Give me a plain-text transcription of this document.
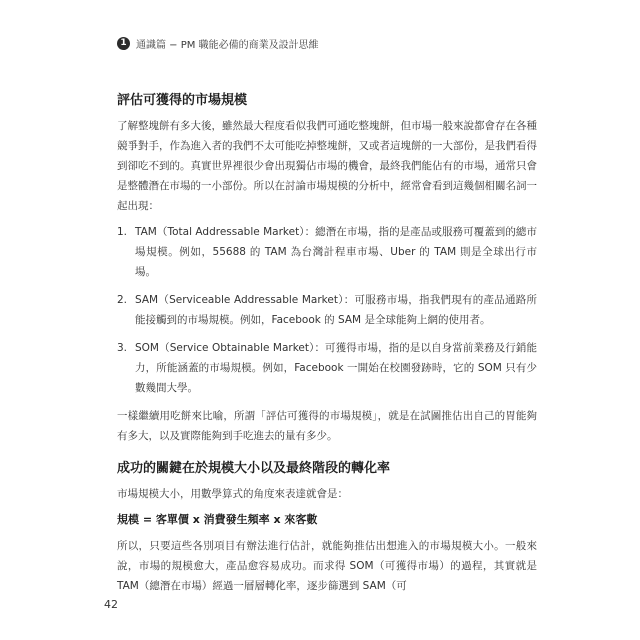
1 通識篇 − PM 職能必備的商業及設計思維
評估可獲得的市場規模

了解整塊餅有多大後，雖然最大程度看似我們可通吃整塊餅，但市場一般來說都會存在各種競爭對手，作為進入者的我們不太可能吃掉整塊餅，又或者這塊餅的一大部份，是我們看得到卻吃不到的。真實世界裡很少會出現獨佔市場的機會，最終我們能佔有的市場，通常只會是整體潛在市場的一小部份。所以在討論市場規模的分析中，經常會看到這幾個相關名詞一起出現：

1. TAM（Total Addressable Market）：總潛在市場，指的是產品或服務可覆蓋到的總市場規模。例如，55688 的 TAM 為台灣計程車市場、Uber 的 TAM 則是全球出行市場。
2. SAM（Serviceable Addressable Market）：可服務市場，指我們現有的產品通路所能接觸到的市場規模。例如，Facebook 的 SAM 是全球能夠上網的使用者。
3. SOM（Service Obtainable Market）：可獲得市場，指的是以自身當前業務及行銷能力，所能涵蓋的市場規模。例如，Facebook 一開始在校園發跡時，它的 SOM 只有少數幾間大學。

一樣繼續用吃餅來比喻，所謂「評估可獲得的市場規模」，就是在試圖推估出自己的胃能夠有多大，以及實際能夠到手吃進去的量有多少。

成功的關鍵在於規模大小以及最終階段的轉化率

市場規模大小，用數學算式的角度來表達就會是：

規模 = 客單價 x 消費發生頻率 x 來客數

所以，只要這些各別項目有辦法進行估計，就能夠推估出想進入的市場規模大小。一般來說，市場的規模愈大，產品愈容易成功。而求得 SOM（可獲得市場）的過程，其實就是 TAM（總潛在市場）經過一層層轉化率，逐步篩選到 SAM（可

42
